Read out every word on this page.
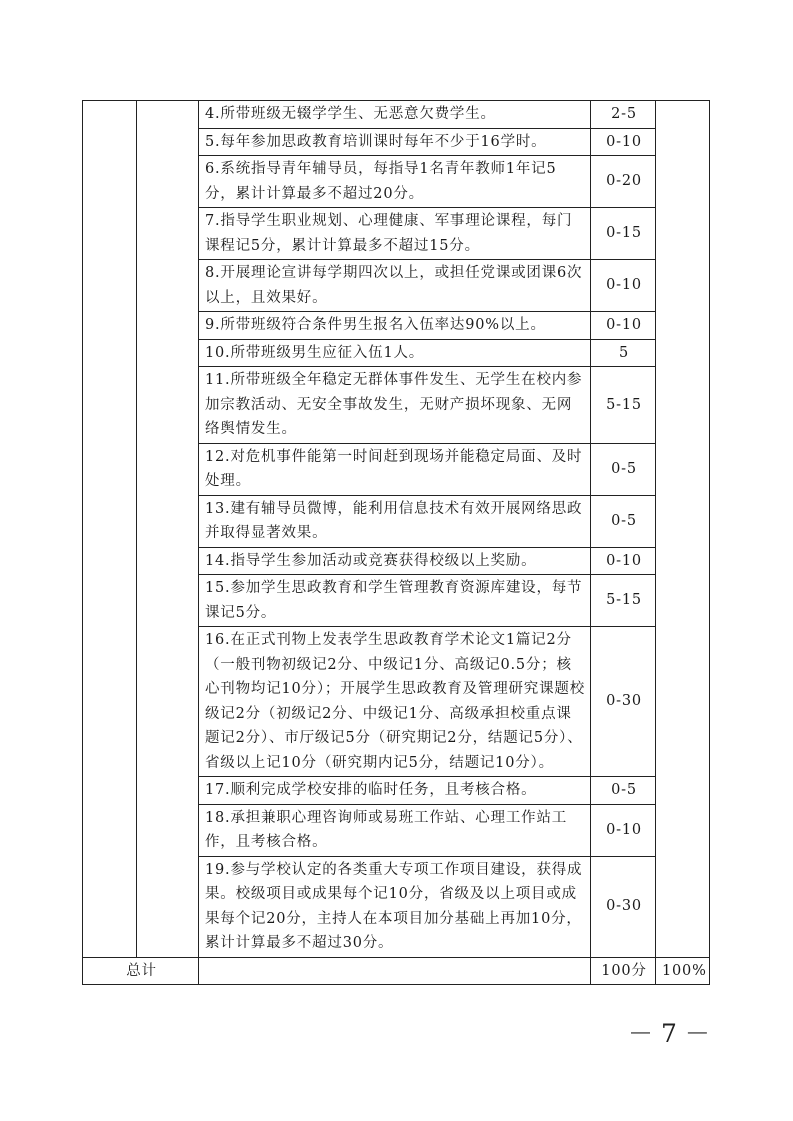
		4.所带班级无辍学学生、无恶意欠费学生。	2-5	
		5.每年参加思政教育培训课时每年不少于16学时。	0-10	
		6.系统指导青年辅导员，每指导1名青年教师1年记5分，累计计算最多不超过20分。	0-20	
		7.指导学生职业规划、心理健康、军事理论课程，每门课程记5分，累计计算最多不超过15分。	0-15	
		8.开展理论宣讲每学期四次以上，或担任党课或团课6次以上，且效果好。	0-10	
		9.所带班级符合条件男生报名入伍率达90%以上。	0-10	
		10.所带班级男生应征入伍1人。	5	
		11.所带班级全年稳定无群体事件发生、无学生在校内参加宗教活动、无安全事故发生，无财产损坏现象、无网络舆情发生。	5-15	
		12.对危机事件能第一时间赶到现场并能稳定局面、及时处理。	0-5	
		13.建有辅导员微博，能利用信息技术有效开展网络思政并取得显著效果。	0-5	
		14.指导学生参加活动或竞赛获得校级以上奖励。	0-10	
		15.参加学生思政教育和学生管理教育资源库建设，每节课记5分。	5-15	
		16.在正式刊物上发表学生思政教育学术论文1篇记2分（一般刊物初级记2分、中级记1分、高级记0.5分；核心刊物均记10分）；开展学生思政教育及管理研究课题校级记2分（初级记2分、中级记1分、高级承担校重点课题记2分）、市厅级记5分（研究期记2分，结题记5分）、省级以上记10分（研究期内记5分，结题记10分）。	0-30	
		17.顺利完成学校安排的临时任务，且考核合格。	0-5	
		18.承担兼职心理咨询师或易班工作站、心理工作站工作，且考核合格。	0-10	
		19.参与学校认定的各类重大专项工作项目建设，获得成果。校级项目或成果每个记10分，省级及以上项目或成果每个记20分，主持人在本项目加分基础上再加10分，累计计算最多不超过30分。	0-30	
总计			100分	100%
－7－
